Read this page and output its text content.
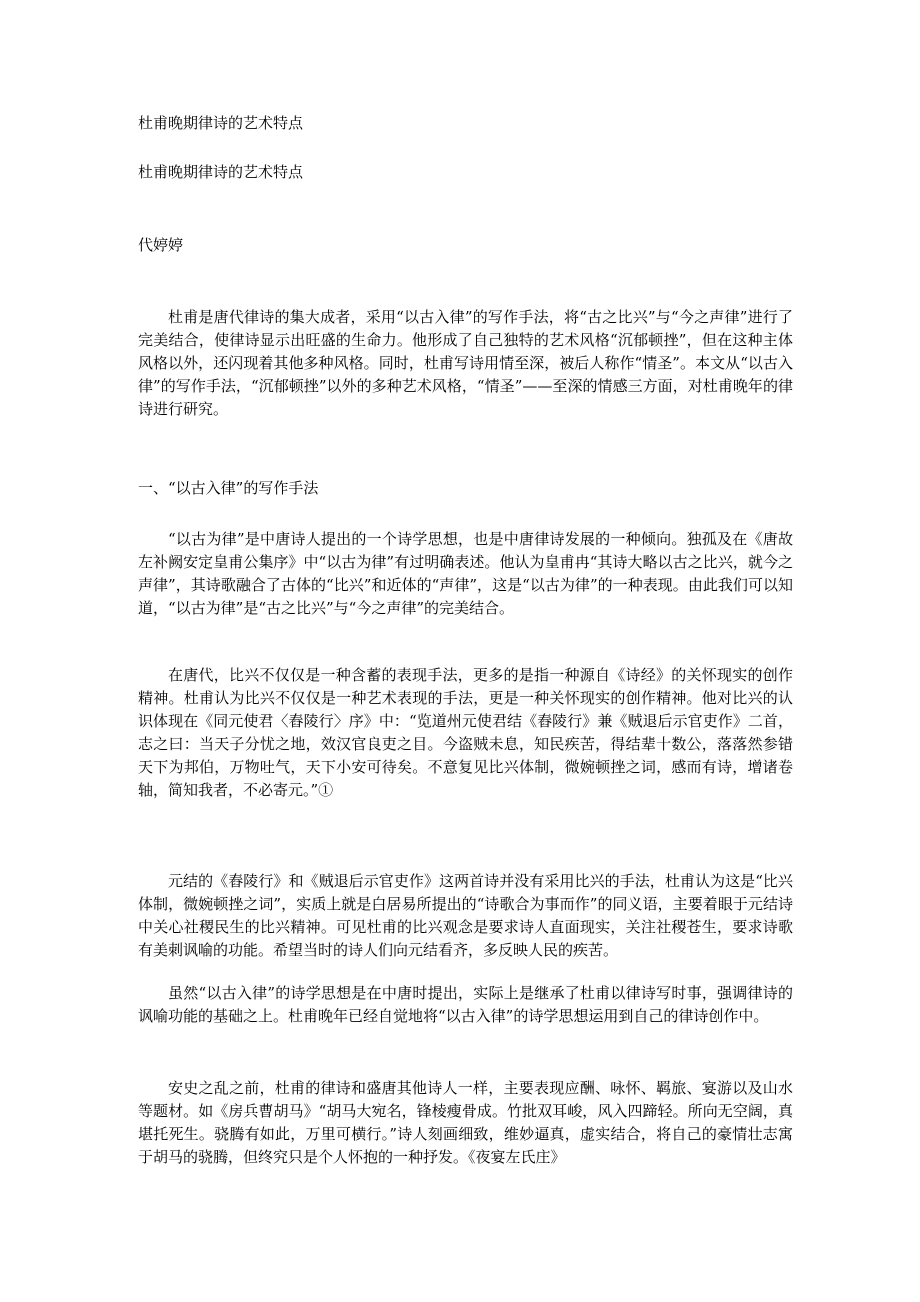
杜甫晚期律诗的艺术特点
杜甫晚期律诗的艺术特点
代婷婷

杜甫是唐代律诗的集大成者，采用“以古入律”的写作手法，将“古之比兴”与“今之声律”进行了完美结合，使律诗显示出旺盛的生命力。他形成了自己独特的艺术风格“沉郁顿挫”，但在这种主体风格以外，还闪现着其他多种风格。同时，杜甫写诗用情至深，被后人称作“情圣”。本文从“以古入律”的写作手法，“沉郁顿挫”以外的多种艺术风格，“情圣”——至深的情感三方面，对杜甫晚年的律诗进行研究。

一、“以古入律”的写作手法

“以古为律”是中唐诗人提出的一个诗学思想，也是中唐律诗发展的一种倾向。独孤及在《唐故左补阙安定皇甫公集序》中“以古为律”有过明确表述。他认为皇甫冉“其诗大略以古之比兴，就今之声律”，其诗歌融合了古体的“比兴”和近体的“声律”，这是“以古为律”的一种表现。由此我们可以知道，“以古为律”是“古之比兴”与“今之声律”的完美结合。

在唐代，比兴不仅仅是一种含蓄的表现手法，更多的是指一种源自《诗经》的关怀现实的创作精神。杜甫认为比兴不仅仅是一种艺术表现的手法，更是一种关怀现实的创作精神。他对比兴的认识体现在《同元使君〈舂陵行〉序》中：“览道州元使君结《舂陵行》兼《贼退后示官吏作》二首，志之曰：当天子分忧之地，效汉官良吏之目。今盗贼未息，知民疾苦，得结辈十数公，落落然参错天下为邦伯，万物吐气，天下小安可待矣。不意复见比兴体制，微婉顿挫之词，感而有诗，增诸卷轴，简知我者，不必寄元。”①

元结的《舂陵行》和《贼退后示官吏作》这两首诗并没有采用比兴的手法，杜甫认为这是“比兴体制，微婉顿挫之词”，实质上就是白居易所提出的“诗歌合为事而作”的同义语，主要着眼于元结诗中关心社稷民生的比兴精神。可见杜甫的比兴观念是要求诗人直面现实，关注社稷苍生，要求诗歌有美刺讽喻的功能。希望当时的诗人们向元结看齐，多反映人民的疾苦。

虽然“以古入律”的诗学思想是在中唐时提出，实际上是继承了杜甫以律诗写时事，强调律诗的讽喻功能的基础之上。杜甫晚年已经自觉地将“以古入律”的诗学思想运用到自己的律诗创作中。

安史之乱之前，杜甫的律诗和盛唐其他诗人一样，主要表现应酬、咏怀、羁旅、宴游以及山水等题材。如《房兵曹胡马》“胡马大宛名，锋棱瘦骨成。竹批双耳峻，风入四蹄轻。所向无空阔，真堪托死生。骁腾有如此，万里可横行。”诗人刻画细致，维妙逼真，虚实结合，将自己的豪情壮志寓于胡马的骁腾，但终究只是个人怀抱的一种抒发。《夜宴左氏庄》
